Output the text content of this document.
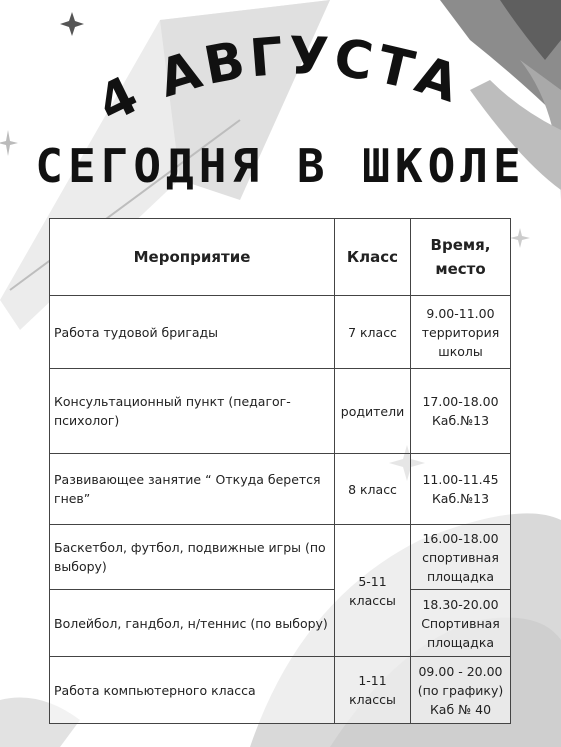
4 АВГУСТА
СЕГОДНЯ В ШКОЛЕ
Мероприятие	Класс	Время, место
Работа тудовой бригады	7 класс	9.00-11.00 территория школы
Консультационный пункт (педагог-психолог)	родители	17.00-18.00 Каб.№13
Развивающее занятие “ Откуда берется гнев”	8 класс	11.00-11.45 Каб.№13
Баскетбол, футбол, подвижные игры (по выбору)	5-11 классы	16.00-18.00 спортивная площадка
Волейбол, гандбол, н/теннис (по выбору)		18.30-20.00 Спортивная площадка
Работа компьютерного класса	1-11 классы	09.00 - 20.00 (по графику) Каб № 40
